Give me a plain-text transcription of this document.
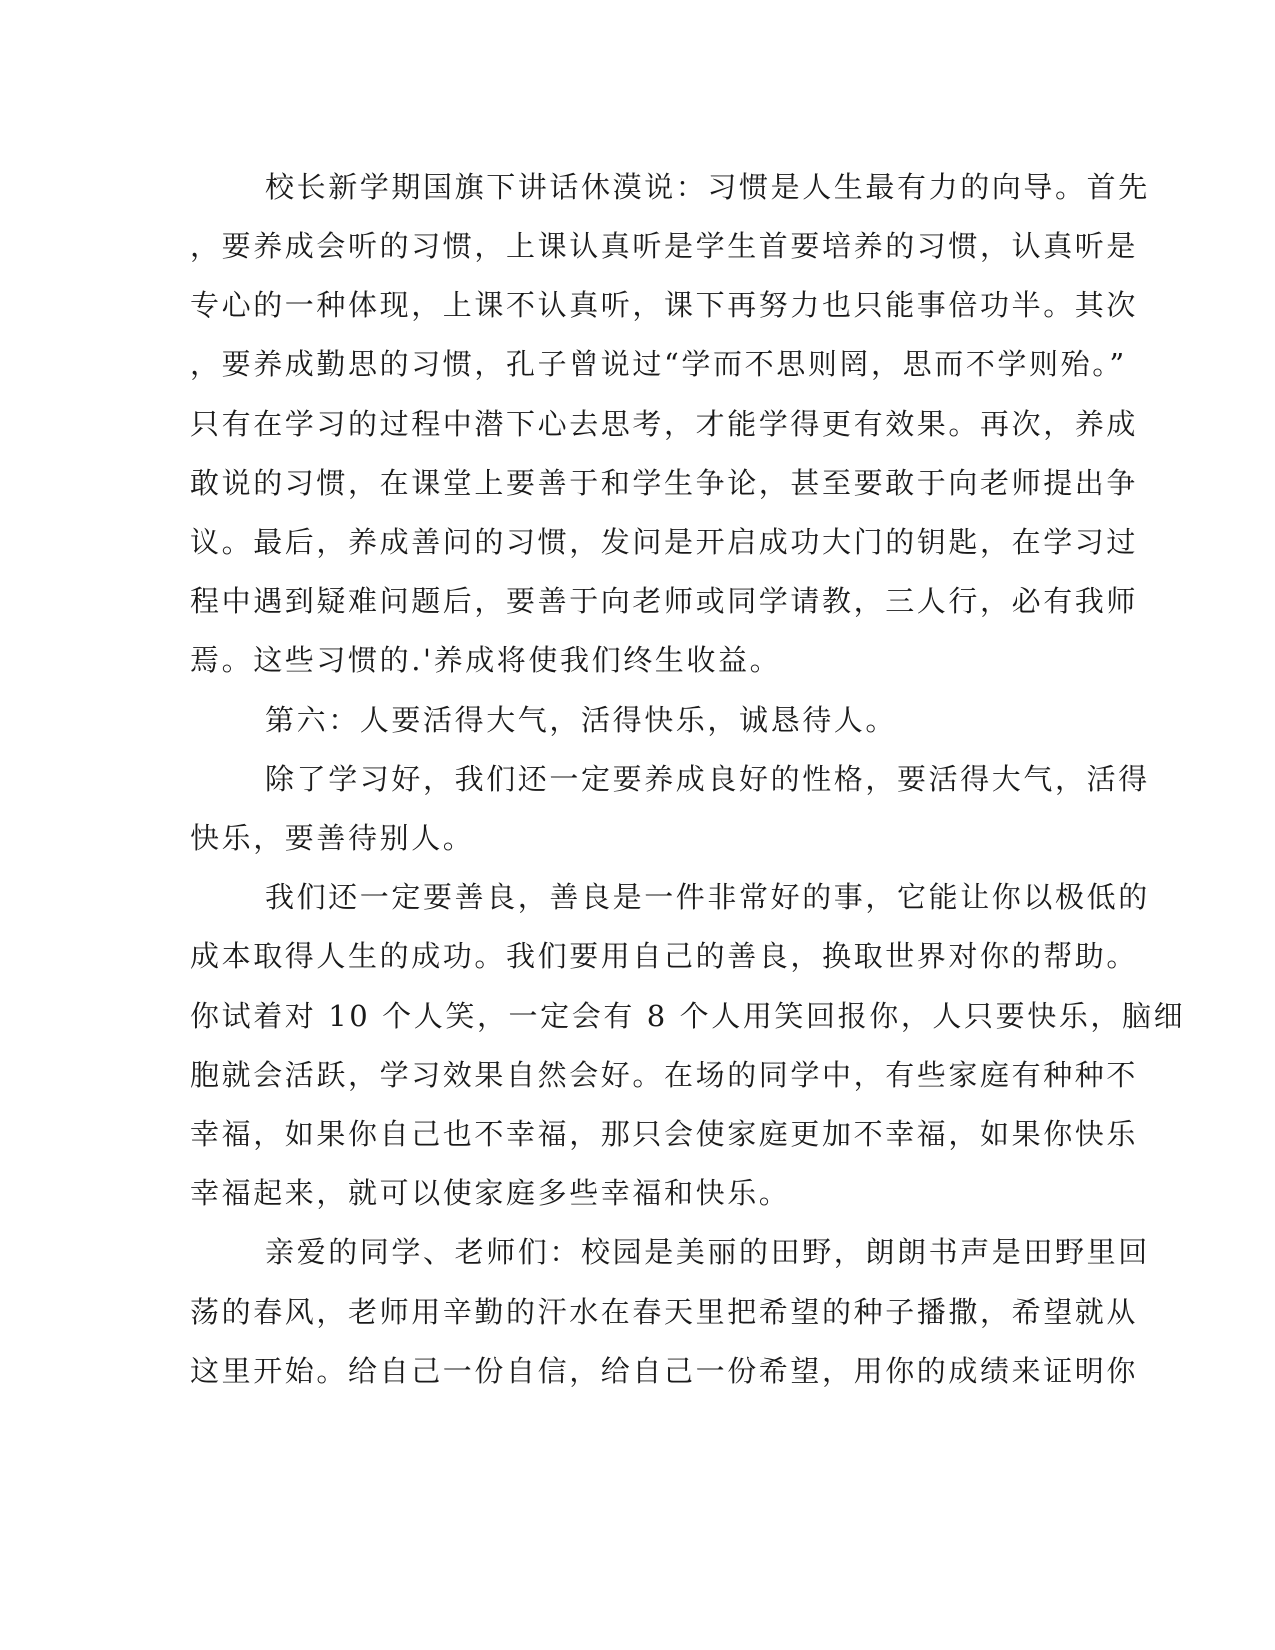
校长新学期国旗下讲话休漠说：习惯是人生最有力的向导。首先
，要养成会听的习惯，上课认真听是学生首要培养的习惯，认真听是
专心的一种体现，上课不认真听，课下再努力也只能事倍功半。其次
，要养成勤思的习惯，孔子曾说过“学而不思则罔，思而不学则殆。”
只有在学习的过程中潜下心去思考，才能学得更有效果。再次，养成
敢说的习惯，在课堂上要善于和学生争论，甚至要敢于向老师提出争
议。最后，养成善问的习惯，发问是开启成功大门的钥匙，在学习过
程中遇到疑难问题后，要善于向老师或同学请教，三人行，必有我师
焉。这些习惯的.'养成将使我们终生收益。
第六：人要活得大气，活得快乐，诚恳待人。
除了学习好，我们还一定要养成良好的性格，要活得大气，活得
快乐，要善待别人。
我们还一定要善良，善良是一件非常好的事，它能让你以极低的
成本取得人生的成功。我们要用自己的善良，换取世界对你的帮助。
你试着对 10 个人笑，一定会有 8 个人用笑回报你，人只要快乐，脑细
胞就会活跃，学习效果自然会好。在场的同学中，有些家庭有种种不
幸福，如果你自己也不幸福，那只会使家庭更加不幸福，如果你快乐
幸福起来，就可以使家庭多些幸福和快乐。
亲爱的同学、老师们：校园是美丽的田野，朗朗书声是田野里回
荡的春风，老师用辛勤的汗水在春天里把希望的种子播撒，希望就从
这里开始。给自己一份自信，给自己一份希望，用你的成绩来证明你
